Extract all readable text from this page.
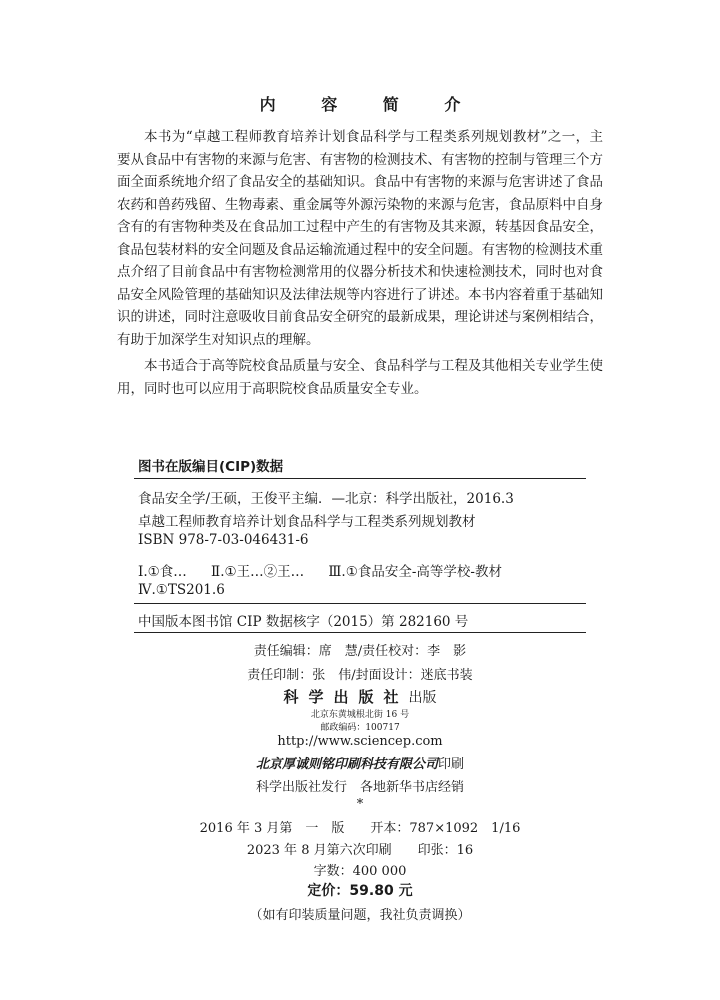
内 容 简 介

本书为“卓越工程师教育培养计划食品科学与工程类系列规划教材”之一，主要从食品中有害物的来源与危害、有害物的检测技术、有害物的控制与管理三个方面全面系统地介绍了食品安全的基础知识。食品中有害物的来源与危害讲述了食品农药和兽药残留、生物毒素、重金属等外源污染物的来源与危害，食品原料中自身含有的有害物种类及在食品加工过程中产生的有害物及其来源，转基因食品安全，食品包装材料的安全问题及食品运输流通过程中的安全问题。有害物的检测技术重点介绍了目前食品中有害物检测常用的仪器分析技术和快速检测技术，同时也对食品安全风险管理的基础知识及法律法规等内容进行了讲述。本书内容着重于基础知识的讲述，同时注意吸收目前食品安全研究的最新成果，理论讲述与案例相结合，有助于加深学生对知识点的理解。

本书适合于高等院校食品质量与安全、食品科学与工程及其他相关专业学生使用，同时也可以应用于高职院校食品质量安全专业。

图书在版编目(CIP)数据
食品安全学/王硕，王俊平主编．—北京：科学出版社，2016.3
卓越工程师教育培养计划食品科学与工程类系列规划教材
ISBN 978-7-03-046431-6
Ⅰ.①食… Ⅱ.①王…②王… Ⅲ.①食品安全-高等学校-教材
Ⅳ.①TS201.6
中国版本图书馆 CIP 数据核字（2015）第 282160 号
责任编辑：席　慧/责任校对：李　影
责任印制：张　伟/封面设计：迷底书装
科学出版社出版
北京东黄城根北街 16 号
邮政编码：100717
http://www.sciencep.com
北京厚诚则铭印刷科技有限公司印刷
科学出版社发行　各地新华书店经销
*
2016 年 3 月第　一　版　　开本：787×1092　1/16
2023 年 8 月第六次印刷　　印张：16
字数：400 000
定价：59.80 元
（如有印装质量问题，我社负责调换）
